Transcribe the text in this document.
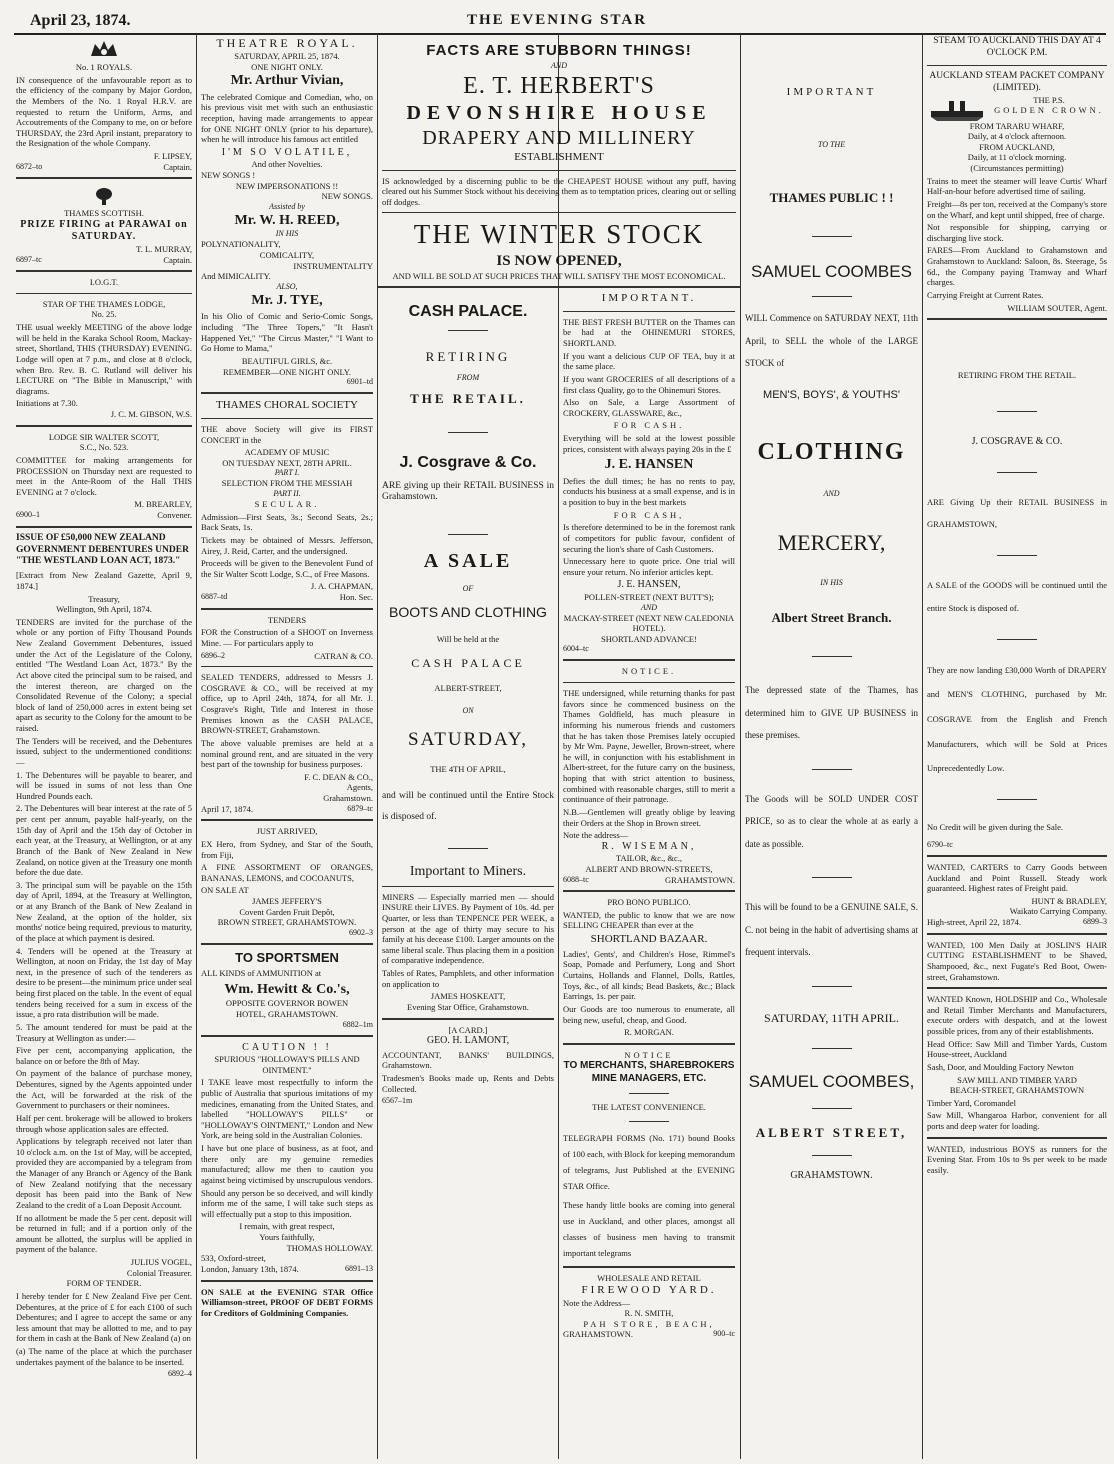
April 23, 1874.	THE EVENING STAR
No. 1 ROYALS.
IN consequence of the unfavourable report as to the efficiency of the company by Major Gordon, the Members of the No. 1 Royal H.R.V. are requested to return the Uniform, Arms, and Accoutrements of the Company to me, on or before THURSDAY, the 23rd April instant, preparatory to the Resignation of the whole Company.
F. LIPSEY,
6872–to	Captain.
THAMES SCOTTISH.
PRIZE FIRING at PARAWAI on SATURDAY.
T. L. MURRAY,
6897–tc	Captain.
I.O.G.T.
STAR OF THE THAMES LODGE,
No. 25.
THE usual weekly MEETING of the above lodge will be held in the Karaka School Room, Mackay-street, Shortland, THIS (THURSDAY) EVENING. Lodge will open at 7 p.m., and close at 8 o'clock, when Bro. Rev. B. C. Rutland will deliver his LECTURE on "The Bible in Manuscript," with diagrams.
Initiations at 7.30.
J. C. M. GIBSON, W.S.
LODGE SIR WALTER SCOTT,
S.C., No. 523.
COMMITTEE for making arrangements for PROCESSION on Thursday next are requested to meet in the Ante-Room of the Hall THIS EVENING at 7 o'clock.
M. BREARLEY,
6900–1	Convener.
ISSUE OF £50,000 NEW ZEALAND GOVERNMENT DEBENTURES UNDER "THE WESTLAND LOAN ACT, 1873."
[Extract from New Zealand Gazette, April 9, 1874.]
Treasury,
Wellington, 9th April, 1874.
TENDERS are invited for the purchase of the whole or any portion of Fifty Thousand Pounds New Zealand Government Debentures, issued under the Act of the Legislature of the Colony, entitled "The Westland Loan Act, 1873." By the Act above cited the principal sum to be raised, and the interest thereon, are charged on the Consolidated Revenue of the Colony; a special block of land of 250,000 acres in extent being set apart as security to the Colony for the amount to be raised.
The Tenders will be received, and the Debentures issued, subject to the undermentioned conditions:—
1. The Debentures will be payable to bearer, and will be issued in sums of not less than One Hundred Pounds each.
2. The Debentures will bear interest at the rate of 5 per cent per annum, payable half-yearly, on the 15th day of April and the 15th day of October in each year, at the Treasury, at Wellington, or at any Branch of the Bank of New Zealand in New Zealand, on notice given at the Treasury one month before the due date.
3. The principal sum will be payable on the 15th day of April, 1894, at the Treasury at Wellington, or at any Branch of the Bank of New Zealand in New Zealand, at the option of the holder, six months' notice being required, previous to maturity, of the place at which payment is desired.
4. Tenders will be opened at the Treasury at Wellington, at noon on Friday, the 1st day of May next, in the presence of such of the tenderers as desire to be present—the minimum price under seal being first placed on the table. In the event of equal tenders being received for a sum in excess of the issue, a pro rata distribution will be made.
5. The amount tendered for must be paid at the Treasury at Wellington as under:—
Five per cent, accompanying application, the balance on or before the 8th of May.
On payment of the balance of purchase money, Debentures, signed by the Agents appointed under the Act, will be forwarded at the risk of the Government to purchasers or their nominees.
Half per cent. brokerage will be allowed to brokers through whose application sales are effected.
Applications by telegraph received not later than 10 o'clock a.m. on the 1st of May, will be accepted, provided they are accompanied by a telegram from the Manager of any Branch or Agency of the Bank of New Zealand notifying that the necessary deposit has been paid into the Bank of New Zealand to the credit of a Loan Deposit Account.
If no allotment be made the 5 per cent. deposit will be returned in full; and if a portion only of the amount be allotted, the surplus will be applied in payment of the balance.
JULIUS VOGEL,
Colonial Treasurer.
FORM OF TENDER.
I hereby tender for £ New Zealand Five per Cent. Debentures, at the price of £ for each £100 of such Debentures; and I agree to accept the same or any less amount that may be allotted to me, and to pay for them in cash at the Bank of New Zealand (a) on
(a) The name of the place at which the purchaser undertakes payment of the balance to be inserted.
6892–4
THEATRE ROYAL.
SATURDAY, APRIL 25, 1874.
ONE NIGHT ONLY.
Mr. Arthur Vivian,
The celebrated Comique and Comedian, who, on his previous visit met with such an enthusiastic reception, having made arrangements to appear for ONE NIGHT ONLY (prior to his departure), when he will introduce his famous act entitled
I'M SO VOLATILE,
And other Novelties.
NEW SONGS !
NEW IMPERSONATIONS !!
NEW SONGS.
Assisted by
Mr. W. H. REED,
IN HIS
POLYNATIONALITY,
COMICALITY,
INSTRUMENTALITY
And MIMICALITY.
ALSO,
Mr. J. TYE,
In his Olio of Comic and Serio-Comic Songs, including "The Three Topers," "It Hasn't Happened Yet," "The Circus Master," "I Want to Go Home to Mama,"
BEAUTIFUL GIRLS, &c.
REMEMBER—ONE NIGHT ONLY.
6901–td
THAMES CHORAL SOCIETY
THE above Society will give its FIRST CONCERT in the
ACADEMY OF MUSIC
ON TUESDAY NEXT, 28TH APRIL.
PART I.
SELECTION FROM THE MESSIAH
PART II.
SECULAR.
Admission—First Seats, 3s.; Second Seats, 2s.; Back Seats, 1s.
Tickets may be obtained of Messrs. Jefferson, Airey, J. Reid, Carter, and the undersigned.
Proceeds will be given to the Benevolent Fund of the Sir Walter Scott Lodge, S.C., of Free Masons.
J. A. CHAPMAN,
6887–td	Hon. Sec.
TENDERS
FOR the Construction of a SHOOT on Inverness Mine. — For particulars apply to
6896–2	CATRAN & CO.
SEALED TENDERS, addressed to Messrs J. COSGRAVE & CO., will be received at my office, up to April 24th, 1874, for all Mr. J. Cosgrave's Right, Title and Interest in those Premises known as the CASH PALACE, BROWN-STREET, Grahamstown.
The above valuable premises are held at a nominal ground rent, and are situated in the very best part of the township for business purposes.
F. C. DEAN & CO.,
Agents,
Grahamstown.
April 17, 1874.	6879–tc
JUST ARRIVED,
EX Hero, from Sydney, and Star of the South, from Fiji,
A FINE ASSORTMENT OF ORANGES, BANANAS, LEMONS, and COCOANUTS,
ON SALE AT
JAMES JEFFERY'S
Covent Garden Fruit Depôt,
BROWN STREET, GRAHAMSTOWN.
6902–3
TO SPORTSMEN
ALL KINDS of AMMUNITION at
Wm. Hewitt & Co.'s,
OPPOSITE GOVERNOR BOWEN
HOTEL, GRAHAMSTOWN.
6882–1m
CAUTION ! !
SPURIOUS "HOLLOWAY'S PILLS AND OINTMENT."
I TAKE leave most respectfully to inform the public of Australia that spurious imitations of my medicines, emanating from the United States, and labelled "HOLLOWAY'S PILLS" or "HOLLOWAY'S OINTMENT," London and New York, are being sold in the Australian Colonies.
I have but one place of business, as at foot, and there only are my genuine remedies manufactured; allow me then to caution you against being victimised by unscrupulous vendors.
Should any person be so deceived, and will kindly inform me of the same, I will take such steps as will effectually put a stop to this imposition.
I remain, with great respect,
Yours faithfully,
THOMAS HOLLOWAY.
533, Oxford-street,
London, January 13th, 1874.	6891–13
ON SALE at the EVENING STAR Office Williamson-street, PROOF OF DEBT FORMS for Creditors of Goldmining Companies.
FACTS ARE STUBBORN THINGS!
AND
E. T. HERBERT'S
DEVONSHIRE HOUSE
DRAPERY AND MILLINERY
ESTABLISHMENT
IS acknowledged by a discerning public to be the CHEAPEST HOUSE without any puff, having cleared out his Summer Stock without his deceiving them as to temptation prices, clearing out or selling off dodges.
THE WINTER STOCK
IS NOW OPENED,
AND WILL BE SOLD AT SUCH PRICES THAT WILL SATISFY THE MOST ECONOMICAL.
CASH PALACE.
RETIRING
FROM
THE RETAIL.
J. Cosgrave & Co.
ARE giving up their RETAIL BUSINESS in Grahamstown.
A SALE
OF
BOOTS AND CLOTHING
Will be held at the
CASH PALACE
ALBERT-STREET,
ON
SATURDAY,
THE 4TH OF APRIL,
and will be continued until the Entire Stock is disposed of.
Important to Miners.
MINERS — Especially married men — should INSURE their LIVES. By Payment of 10s. 4d. per Quarter, or less than TENPENCE PER WEEK, a person at the age of thirty may secure to his family at his decease £100. Larger amounts on the same liberal scale. Thus placing them in a position of comparative independence.
Tables of Rates, Pamphlets, and other information on application to
JAMES HOSKEATT,
Evening Star Office, Grahamstown.
[A CARD.]
GEO. H. LAMONT,
ACCOUNTANT, BANKS' BUILDINGS, Grahamstown.
Tradesmen's Books made up, Rents and Debts Collected.
6567–1m
IMPORTANT.
THE BEST FRESH BUTTER on the Thames can be had at the OHINEMURI STORES, SHORTLAND.
If you want a delicious CUP OF TEA, buy it at the same place.
If you want GROCERIES of all descriptions of a first class Quality, go to the Ohinemuri Stores.
Also on Sale, a Large Assortment of CROCKERY, GLASSWARE, &c.,
FOR CASH.
Everything will be sold at the lowest possible prices, consistent with always paying 20s in the £
J. E. HANSEN
Defies the dull times; he has no rents to pay, conducts his business at a small expense, and is in a position to buy in the best markets
FOR CASH,
Is therefore determined to be in the foremost rank of competitors for public favour, confident of securing the lion's share of Cash Customers.
Unnecessary here to quote price. One trial will ensure your return. No inferior articles kept.
J. E. HANSEN,
POLLEN-STREET (NEXT BUTT'S);
AND
MACKAY-STREET (NEXT NEW CALEDONIA HOTEL).
SHORTLAND ADVANCE!
6004–tc
NOTICE.
THE undersigned, while returning thanks for past favors since he commenced business on the Thames Goldfield, has much pleasure in informing his numerous friends and customers that he has taken those Premises lately occupied by Mr Wm. Payne, Jeweller, Brown-street, where he will, in conjunction with his establishment in Albert-street, for the future carry on the business, hoping that with strict attention to business, combined with reasonable charges, still to merit a continuance of their patronage.
N.B.—Gentlemen will greatly oblige by leaving their Orders at the Shop in Brown street.
Note the address—
R. WISEMAN,
TAILOR, &c., &c.,
ALBERT AND BROWN-STREETS,
6088–tc	GRAHAMSTOWN.
PRO BONO PUBLICO.
WANTED, the public to know that we are now SELLING CHEAPER than ever at the
SHORTLAND BAZAAR.
Ladies', Gents', and Children's Hose, Rimmel's Soap, Pomade and Perfumery, Long and Short Curtains, Hollands and Flannel, Dolls, Rattles, Toys, &c., of all kinds; Bead Baskets, &c.; Black Earrings, 1s. per pair.
Our Goods are too numerous to enumerate, all being new, useful, cheap, and Good.
R. MORGAN.
NOTICE
TO MERCHANTS, SHAREBROKERS MINE MANAGERS, ETC.
THE LATEST CONVENIENCE.
TELEGRAPH FORMS (No. 171) bound Books of 100 each, with Block for keeping memorandum of telegrams, Just Published at the EVENING STAR Office.
These handy little books are coming into general use in Auckland, and other places, amongst all classes of business men having to transmit important telegrams
WHOLESALE AND RETAIL
FIREWOOD YARD.
Note the Address—
R. N. SMITH,
PAH STORE, BEACH,
GRAHAMSTOWN.	900–tc
IMPORTANT
TO THE
THAMES PUBLIC ! !
SAMUEL COOMBES
WILL Commence on SATURDAY NEXT, 11th April, to SELL the whole of the LARGE STOCK of
MEN'S, BOYS', & YOUTHS'
CLOTHING
AND
MERCERY,
IN HIS
Albert Street Branch.
The depressed state of the Thames, has determined him to GIVE UP BUSINESS in these premises.
The Goods will be SOLD UNDER COST PRICE, so as to clear the whole at as early a date as possible.
This will be found to be a GENUINE SALE, S. C. not being in the habit of advertising shams at frequent intervals.
SATURDAY, 11TH APRIL.
SAMUEL COOMBES,
ALBERT STREET,
GRAHAMSTOWN.
STEAM TO AUCKLAND THIS DAY AT 4 O'CLOCK P.M.
AUCKLAND STEAM PACKET COMPANY (LIMITED).
THE P.S.
GOLDEN CROWN.
FROM TARARU WHARF,
Daily, at 4 o'clock afternoon.
FROM AUCKLAND,
Daily, at 11 o'clock morning.
(Circumstances permitting)
Trains to meet the steamer will leave Curtis' Wharf Half-an-hour before advertised time of sailing.
Freight—8s per ton, received at the Company's store on the Wharf, and kept until shipped, free of charge.
Not responsible for shipping, carrying or discharging live stock.
FARES—From Auckland to Grahamstown and Grahamstown to Auckland: Saloon, 8s. Steerage, 5s 6d., the Company paying Tramway and Wharf charges.
Carrying Freight at Current Rates.
WILLIAM SOUTER, Agent.
RETIRING FROM THE RETAIL.
J. COSGRAVE & CO.
ARE Giving Up their RETAIL BUSINESS in GRAHAMSTOWN,
A SALE of the GOODS will be continued until the entire Stock is disposed of.
They are now landing £30,000 Worth of DRAPERY and MEN'S CLOTHING, purchased by Mr. COSGRAVE from the English and French Manufacturers, which will be Sold at Prices Unprecedentedly Low.
No Credit will be given during the Sale.
6790–tc
WANTED, CARTERS to Carry Goods between Auckland and Point Russell. Steady work guaranteed. Highest rates of Freight paid.
HUNT & BRADLEY,
Waikato Carrying Company.
High-street, April 22, 1874.	6899–3
WANTED, 100 Men Daily at JOSLIN'S HAIR CUTTING ESTABLISHMENT to be Shaved, Shampooed, &c., next Fugate's Red Boot, Owen-street, Grahamstown.
WANTED Known, HOLDSHIP and Co., Wholesale and Retail Timber Merchants and Manufacturers, execute orders with despatch, and at the lowest possible prices, from any of their establishments.
Head Office: Saw Mill and Timber Yards, Custom House-street, Auckland
Sash, Door, and Moulding Factory Newton
SAW MILL AND TIMBER YARD
BEACH-STREET, GRAHAMSTOWN
Timber Yard, Coromandel
Saw Mill, Whangaroa Harbor, convenient for all ports and deep water for loading.
WANTED, industrious BOYS as runners for the Evening Star. From 10s to 9s per week to be made easily.
